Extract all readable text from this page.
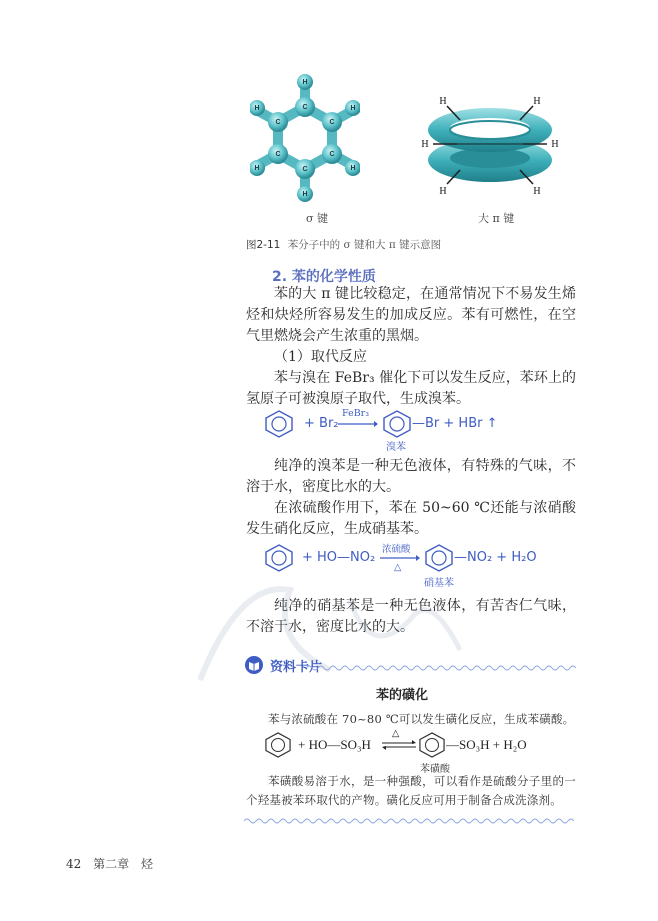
H
H
H
H
H
H	C
C
C
C
C
C
σ 键
H	H
H	H
H	H
大 π 键
图2-11 苯分子中的 σ 键和大 π 键示意图
2. 苯的化学性质
苯的大 π 键比较稳定，在通常情况下不易发生烯烃和炔烃所容易发生的加成反应。苯有可燃性，在空气里燃烧会产生浓重的黑烟。
（1）取代反应
苯与溴在 FeBr₃ 催化下可以发生反应，苯环上的氢原子可被溴原子取代，生成溴苯。
+ Br₂
FeBr₃
—Br + HBr ↑
溴苯
纯净的溴苯是一种无色液体，有特殊的气味，不溶于水，密度比水的大。
在浓硫酸作用下，苯在 50~60 ℃还能与浓硝酸发生硝化反应，生成硝基苯。
+ HO—NO₂
浓硫酸
△
—NO₂ + H₂O
硝基苯
纯净的硝基苯是一种无色液体，有苦杏仁气味，不溶于水，密度比水的大。
资料卡片
苯的磺化
苯与浓硫酸在 70~80 ℃可以发生磺化反应，生成苯磺酸。
+ HO—SO₃H
△
—SO₃H + H₂O
苯磺酸
苯磺酸易溶于水，是一种强酸，可以看作是硫酸分子里的一个羟基被苯环取代的产物。磺化反应可用于制备合成洗涤剂。
42 第二章 烃
